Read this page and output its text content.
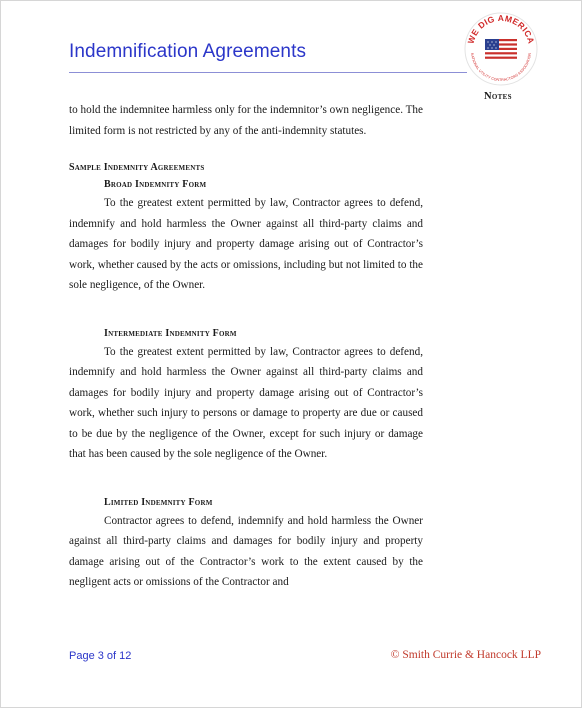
Indemnification Agreements
WE DIG AMERICA
NATIONAL UTILITY CONTRACTORS ASSOCIATION
Notes

to hold the indemnitee harmless only for the indemnitor’s own negligence. The limited form is not restricted by any of the anti-indemnity statutes.

Sample Indemnity Agreements
Broad Indemnity Form

To the greatest extent permitted by law, Contractor agrees to defend, indemnify and hold harmless the Owner against all third-party claims and damages for bodily injury and property damage arising out of Contractor’s work, whether caused by the acts or omissions, including but not limited to the sole negligence, of the Owner.

Intermediate Indemnity Form

To the greatest extent permitted by law, Contractor agrees to defend, indemnify and hold harmless the Owner against all third-party claims and damages for bodily injury and property damage arising out of Contractor’s work, whether such injury to persons or damage to property are due or caused to be due by the negligence of the Owner, except for such injury or damage that has been caused by the sole negligence of the Owner.

Limited Indemnity Form

Contractor agrees to defend, indemnify and hold harmless the Owner against all third-party claims and damages for bodily injury and property damage arising out of the Contractor’s work to the extent caused by the negligent acts or omissions of the Contractor and

Page 3 of 12	© Smith Currie & Hancock LLP
